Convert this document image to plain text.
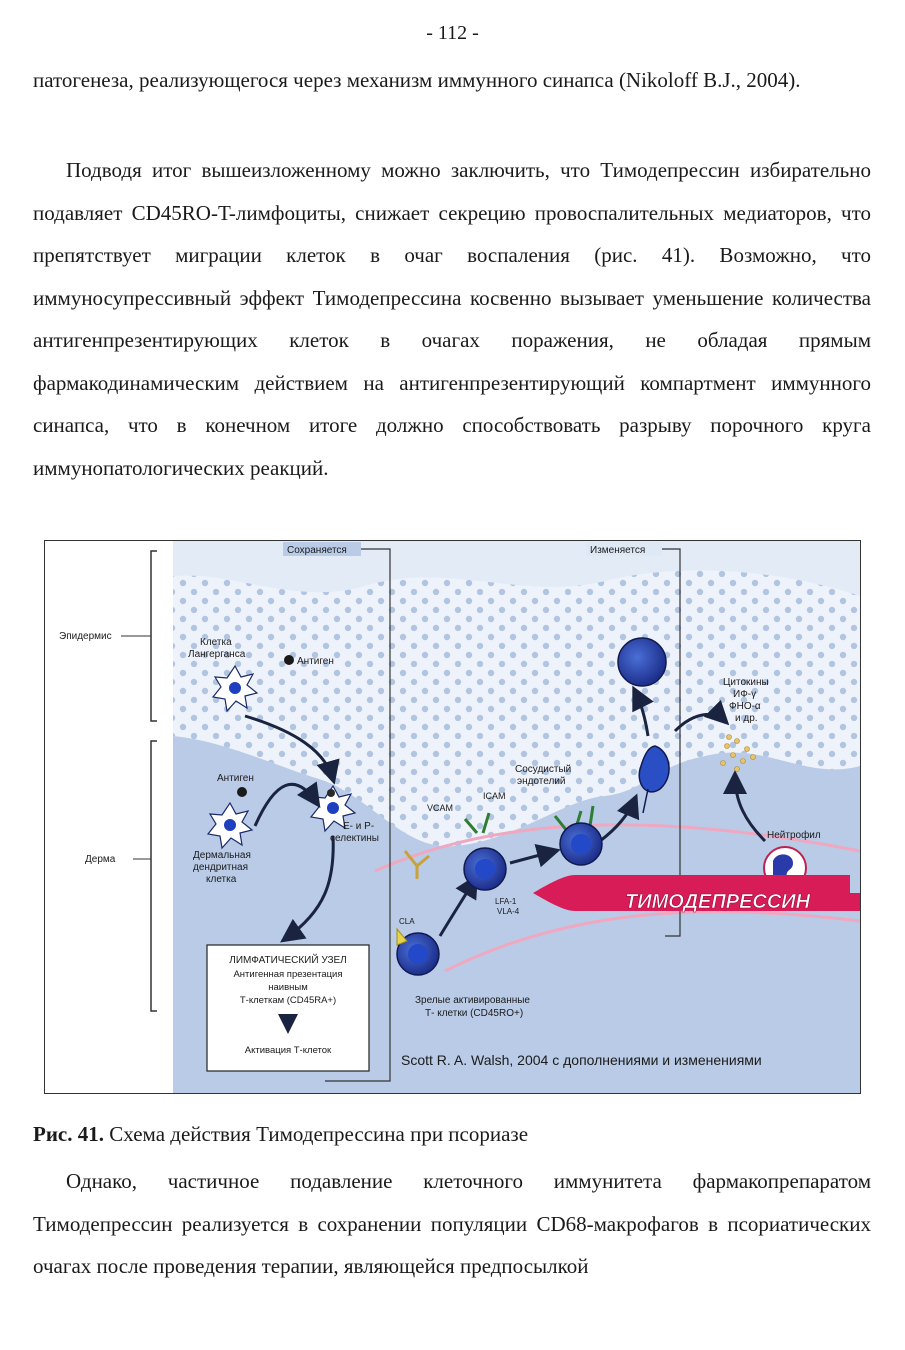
- 112 -

патогенеза, реализующегося через механизм иммунного синапса (Nikoloff B.J., 2004).

Подводя итог вышеизложенному можно заключить, что Тимодепрессин избирательно подавляет CD45RO-T-лимфоциты, снижает секрецию провоспалительных медиаторов, что препятствует миграции клеток в очаг воспаления (рис. 41). Возможно, что иммуносупрессивный эффект Тимодепрессина косвенно вызывает уменьшение количества антигенпрезентирующих клеток в очагах поражения, не обладая прямым фармакодинамическим действием на антигенпрезентирующий компартмент иммунного синапса, что в конечном итоге должно способствовать разрыву порочного круга иммунопатологических реакций.

Эпидермис
Дерма
Сохраняется	Изменяется
Клетка
Лангерганса
Антиген
Антиген
Дермальная
дендритная
клетка
Е- и Р-
селектины
VCAM
ICAM
Сосудистый
эндотелий
CLA
LFA-1
VLA-4
Цитокины
ИФ-γ
ФНО-α
и др.
Нейтрофил
ТИМОДЕПРЕССИН
ЛИМФАТИЧЕСКИЙ УЗЕЛ
Антигенная презентация
наивным
Т-клеткам (CD45RA+)
Активация Т-клеток
Зрелые активированные
Т- клетки (CD45RO+)
Scott R. A. Walsh, 2004 с дополнениями и изменениями
Рис. 41. Схема действия Тимодепрессина при псориазе

Однако, частичное подавление клеточного иммунитета фармакопрепаратом Тимодепрессин реализуется в сохранении популяции CD68-макрофагов в псориатических очагах после проведения терапии, являющейся предпосылкой
